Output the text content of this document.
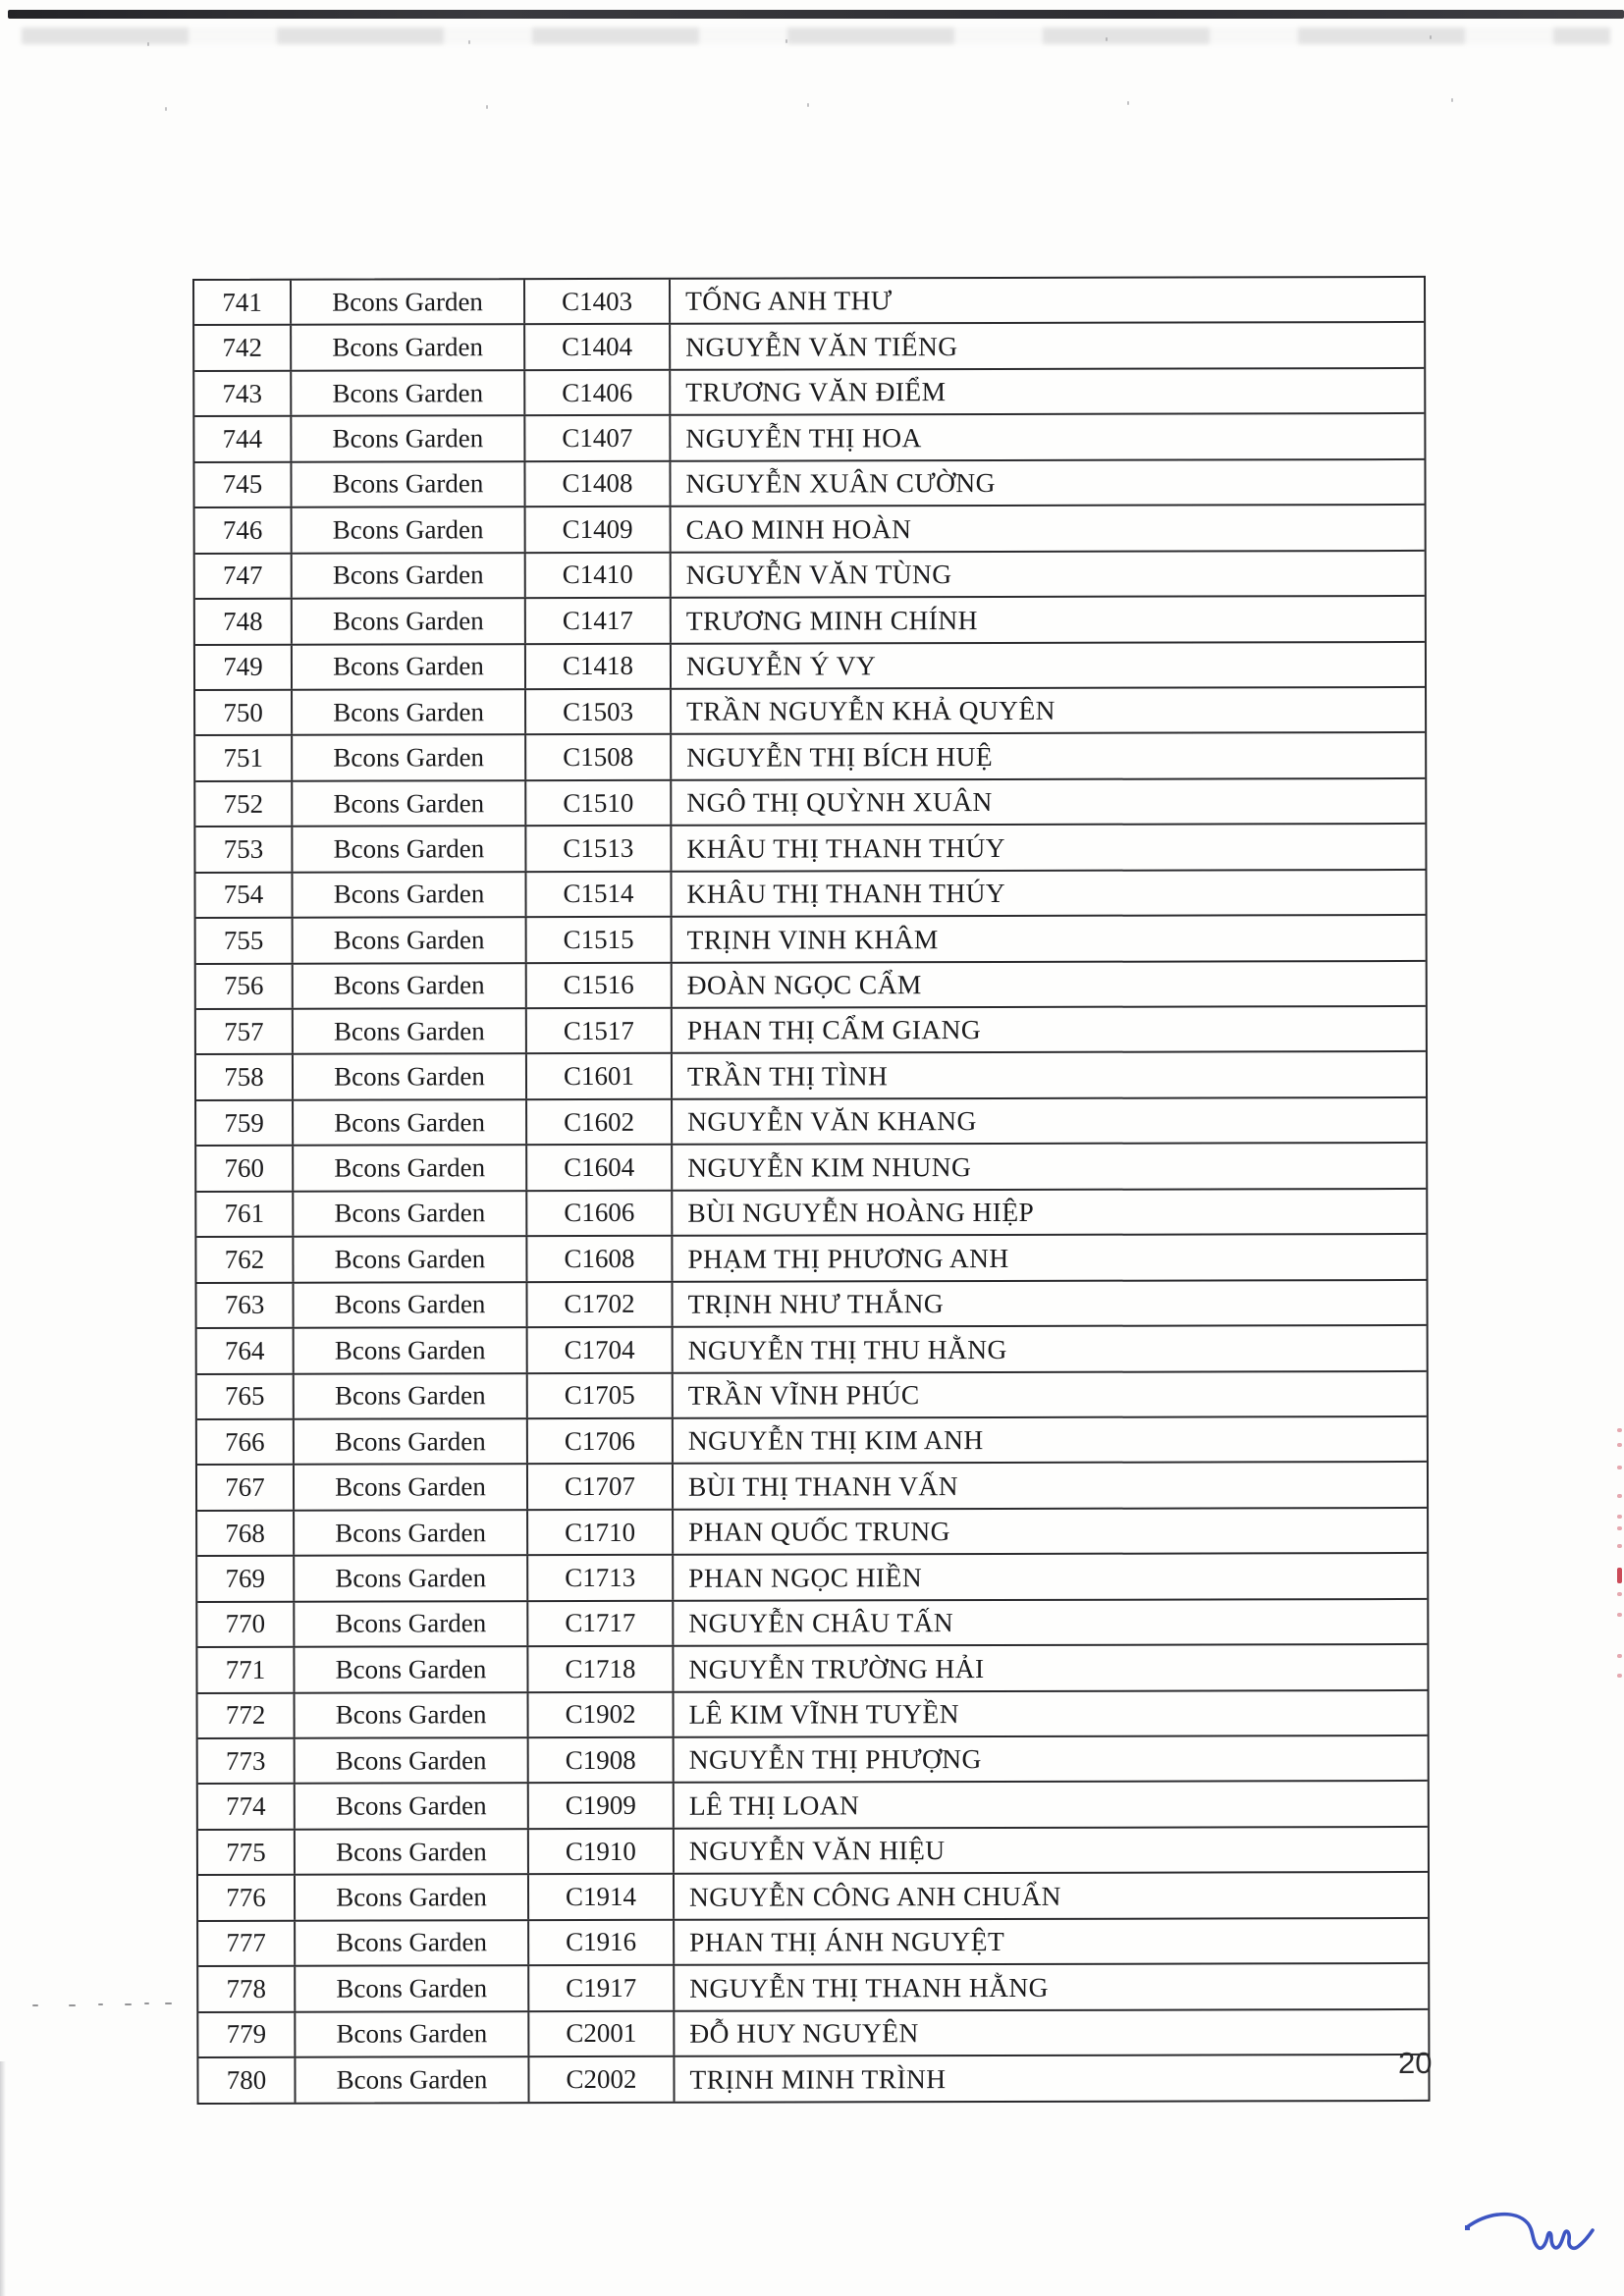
741	Bcons Garden	C1403	TỐNG ANH THƯ
742	Bcons Garden	C1404	NGUYỄN VĂN TIẾNG
743	Bcons Garden	C1406	TRƯƠNG VĂN ĐIỂM
744	Bcons Garden	C1407	NGUYỄN THỊ HOA
745	Bcons Garden	C1408	NGUYỄN XUÂN CƯỜNG
746	Bcons Garden	C1409	CAO MINH HOÀN
747	Bcons Garden	C1410	NGUYỄN VĂN TÙNG
748	Bcons Garden	C1417	TRƯƠNG MINH CHÍNH
749	Bcons Garden	C1418	NGUYỄN Ý VY
750	Bcons Garden	C1503	TRẦN NGUYỄN KHẢ QUYÊN
751	Bcons Garden	C1508	NGUYỄN THỊ BÍCH HUỆ
752	Bcons Garden	C1510	NGÔ THỊ QUỲNH XUÂN
753	Bcons Garden	C1513	KHÂU THỊ THANH THÚY
754	Bcons Garden	C1514	KHÂU THỊ THANH THÚY
755	Bcons Garden	C1515	TRỊNH VINH KHÂM
756	Bcons Garden	C1516	ĐOÀN NGỌC CẨM
757	Bcons Garden	C1517	PHAN THỊ CẨM GIANG
758	Bcons Garden	C1601	TRẦN THỊ TÌNH
759	Bcons Garden	C1602	NGUYỄN VĂN KHANG
760	Bcons Garden	C1604	NGUYỄN KIM NHUNG
761	Bcons Garden	C1606	BÙI NGUYỄN HOÀNG HIỆP
762	Bcons Garden	C1608	PHẠM THỊ PHƯƠNG ANH
763	Bcons Garden	C1702	TRỊNH NHƯ THẮNG
764	Bcons Garden	C1704	NGUYỄN THỊ THU HẰNG
765	Bcons Garden	C1705	TRẦN VĨNH PHÚC
766	Bcons Garden	C1706	NGUYỄN THỊ KIM ANH
767	Bcons Garden	C1707	BÙI THỊ THANH VẤN
768	Bcons Garden	C1710	PHAN QUỐC TRUNG
769	Bcons Garden	C1713	PHAN NGỌC HIỀN
770	Bcons Garden	C1717	NGUYỄN CHÂU TẤN
771	Bcons Garden	C1718	NGUYỄN TRƯỜNG HẢI
772	Bcons Garden	C1902	LÊ KIM VĨNH TUYỀN
773	Bcons Garden	C1908	NGUYỄN THỊ PHƯỢNG
774	Bcons Garden	C1909	LÊ THỊ LOAN
775	Bcons Garden	C1910	NGUYỄN VĂN HIỆU
776	Bcons Garden	C1914	NGUYỄN CÔNG ANH CHUẨN
777	Bcons Garden	C1916	PHAN THỊ ÁNH NGUYỆT
778	Bcons Garden	C1917	NGUYỄN THỊ THANH HẰNG
779	Bcons Garden	C2001	ĐỖ HUY NGUYÊN
780	Bcons Garden	C2002	TRỊNH MINH TRÌNH	20
